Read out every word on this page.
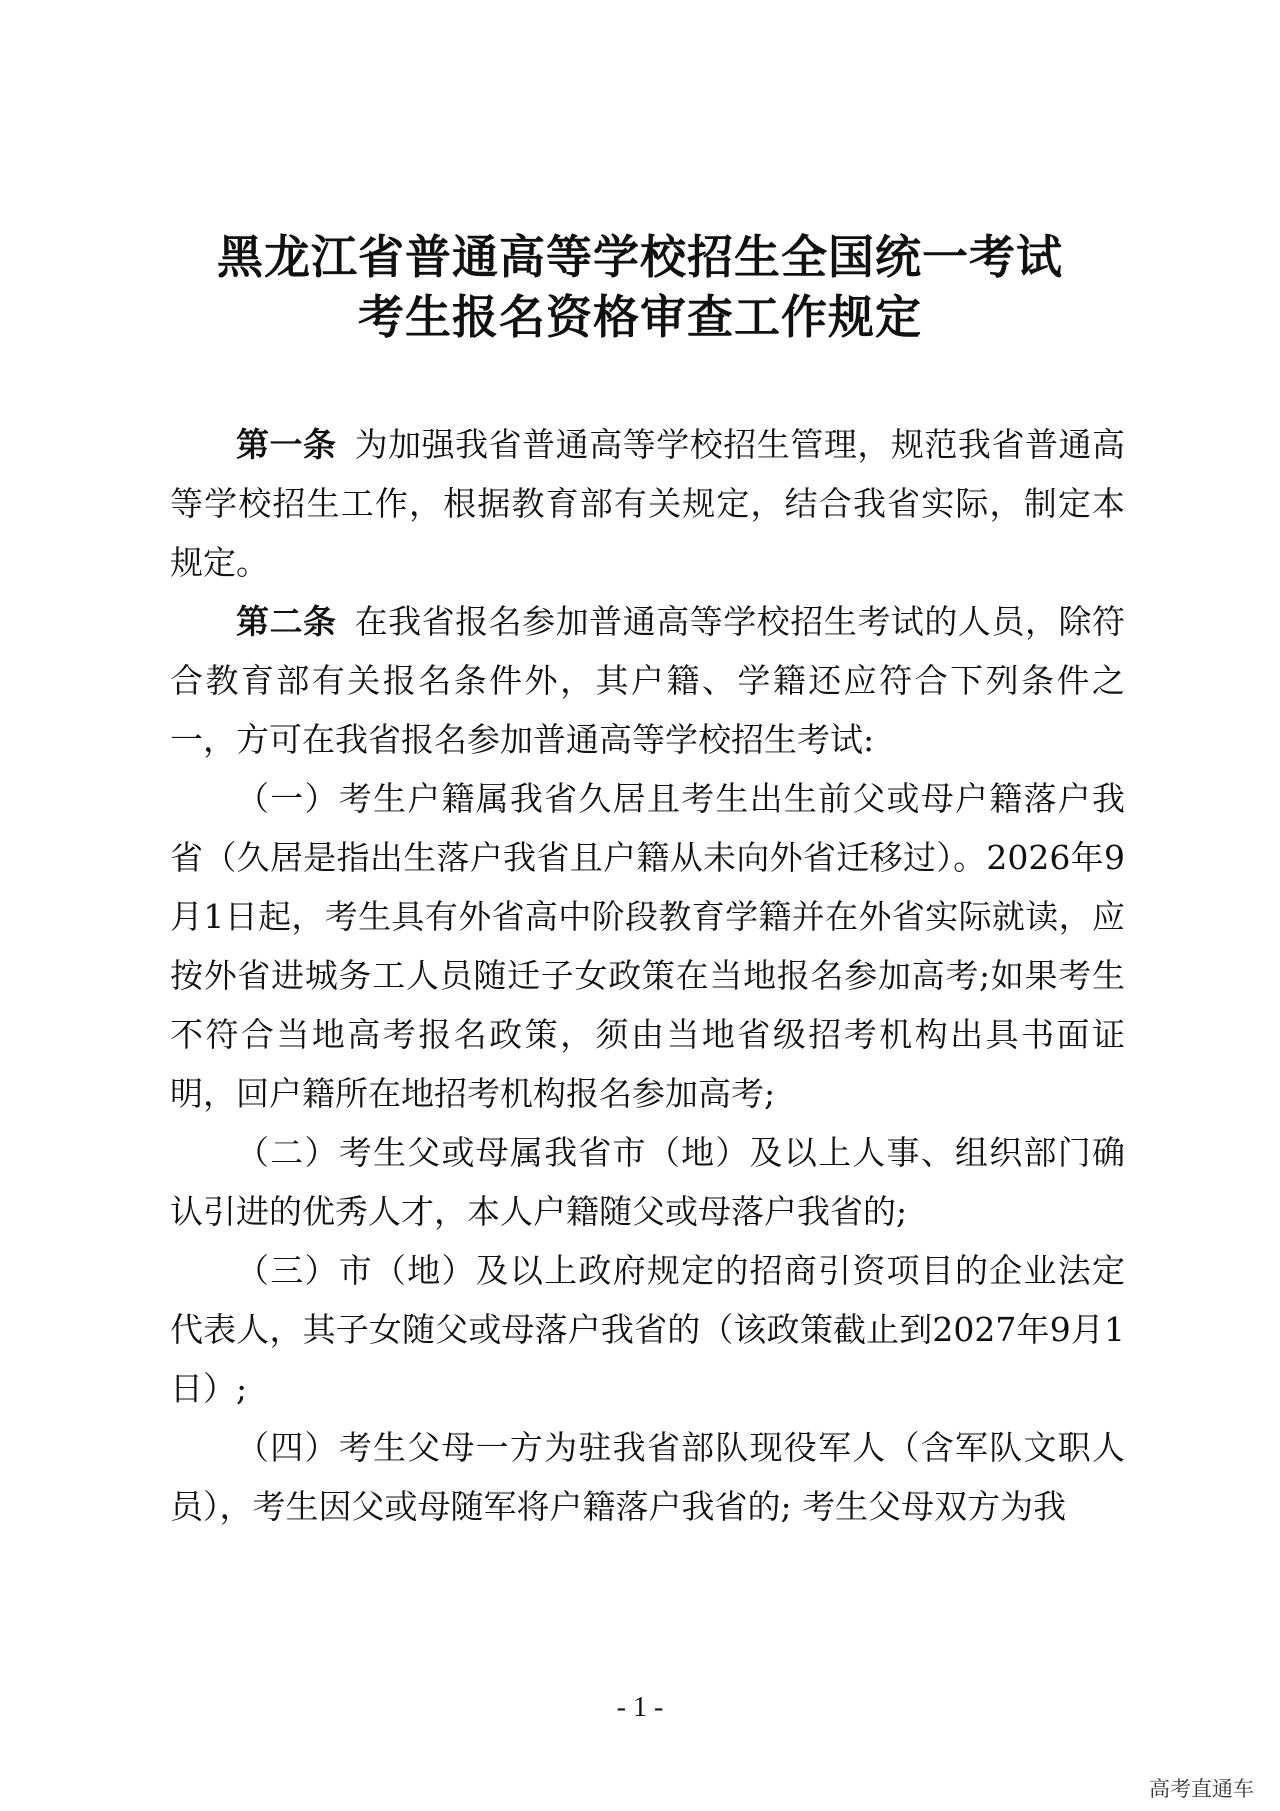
黑龙江省普通高等学校招生全国统一考试
考生报名资格审查工作规定

第一条 为加强我省普通高等学校招生管理，规范我省普通高等学校招生工作，根据教育部有关规定，结合我省实际，制定本规定。

第二条 在我省报名参加普通高等学校招生考试的人员，除符合教育部有关报名条件外，其户籍、学籍还应符合下列条件之一，方可在我省报名参加普通高等学校招生考试:

（一）考生户籍属我省久居且考生出生前父或母户籍落户我省（久居是指出生落户我省且户籍从未向外省迁移过）。2026年9月1日起，考生具有外省高中阶段教育学籍并在外省实际就读，应按外省进城务工人员随迁子女政策在当地报名参加高考;如果考生不符合当地高考报名政策，须由当地省级招考机构出具书面证明，回户籍所在地招考机构报名参加高考;

（二）考生父或母属我省市（地）及以上人事、组织部门确认引进的优秀人才，本人户籍随父或母落户我省的;

（三）市（地）及以上政府规定的招商引资项目的企业法定代表人，其子女随父或母落户我省的（该政策截止到2027年9月1日）;

（四）考生父母一方为驻我省部队现役军人（含军队文职人员），考生因父或母随军将户籍落户我省的; 考生父母双方为我

- 1 -
高考直通车
